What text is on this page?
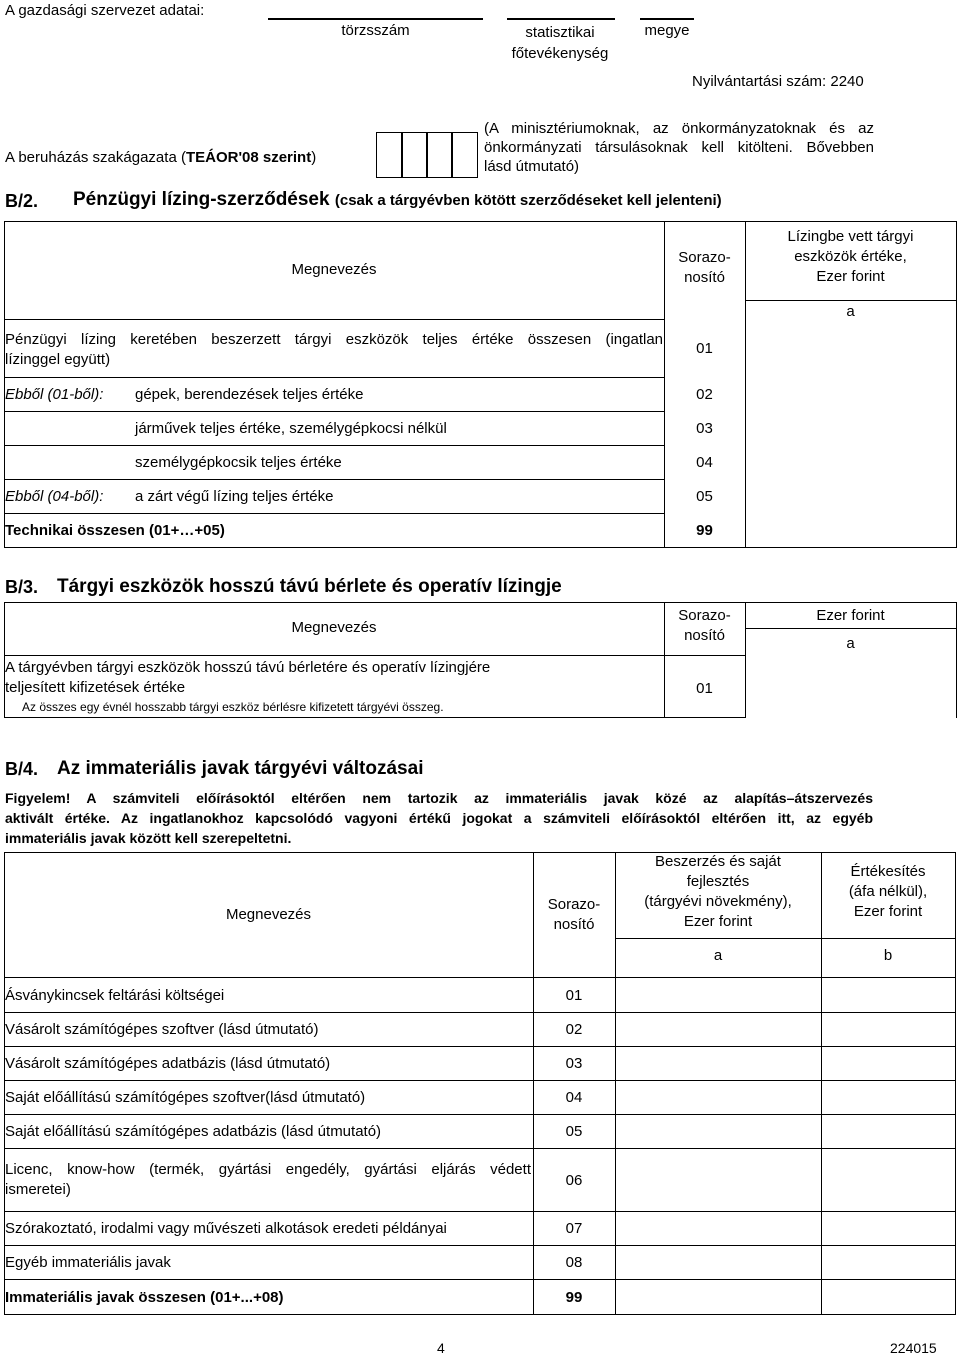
A gazdasági szervezet adatai:
törzsszám	statisztikai
főtevékenység
megye
Nyilvántartási szám: 2240
A beruházás szakágazata (TEÁOR'08 szerint)
(A minisztériumoknak, az önkormányzatoknak és az
önkormányzati társulásoknak kell kitölteni. Bővebben
lásd útmutató)
B/2. Pénzügyi lízing-szerződések (csak a tárgyévben kötött szerződéseket kell jelenteni)
Megnevezés
Sorazo-
nosító
Lízingbe vett tárgyi
eszközök értéke,
Ezer forint
a
Pénzügyi lízing keretében beszerzett tárgyi eszközök teljes értéke összesen (ingatlan
lízinggel együtt)
01
Ebből (01-ből): gépek, berendezések teljes értéke	02
járművek teljes értéke, személygépkocsi nélkül	03
személygépkocsik teljes értéke	04
Ebből (04-ből): a zárt végű lízing teljes értéke	05
Technikai összesen (01+…+05)	99
B/3. Tárgyi eszközök hosszú távú bérlete és operatív lízingje
Megnevezés
Sorazo-
nosító
Ezer forint
a
A tárgyévben tárgyi eszközök hosszú távú bérletére és operatív lízingjére
teljesített kifizetések értéke
Az összes egy évnél hosszabb tárgyi eszköz bérlésre kifizetett tárgyévi összeg.
01
B/4. Az immateriális javak tárgyévi változásai
Figyelem! A számviteli előírásoktól eltérően nem tartozik az immateriális javak közé az alapítás–átszervezés
aktivált értéke. Az ingatlanokhoz kapcsolódó vagyoni értékű jogokat a számviteli előírásoktól eltérően itt, az egyéb
immateriális javak között kell szerepeltetni.
Megnevezés
Sorazo-
nosító
Beszerzés és saját
fejlesztés
(tárgyévi növekmény),
Ezer forint
Értékesítés
(áfa nélkül),
Ezer forint
a	b
Ásványkincsek feltárási költségei	01
Vásárolt számítógépes szoftver (lásd útmutató)	02
Vásárolt számítógépes adatbázis (lásd útmutató)	03
Saját előállítású számítógépes szoftver(lásd útmutató)	04
Saját előállítású számítógépes adatbázis (lásd útmutató)	05
Licenc, know-how (termék, gyártási engedély, gyártási eljárás védett
ismeretei)
06
Szórakoztató, irodalmi vagy művészeti alkotások eredeti példányai	07
Egyéb immateriális javak	08
Immateriális javak összesen (01+...+08)	99
4	224015
